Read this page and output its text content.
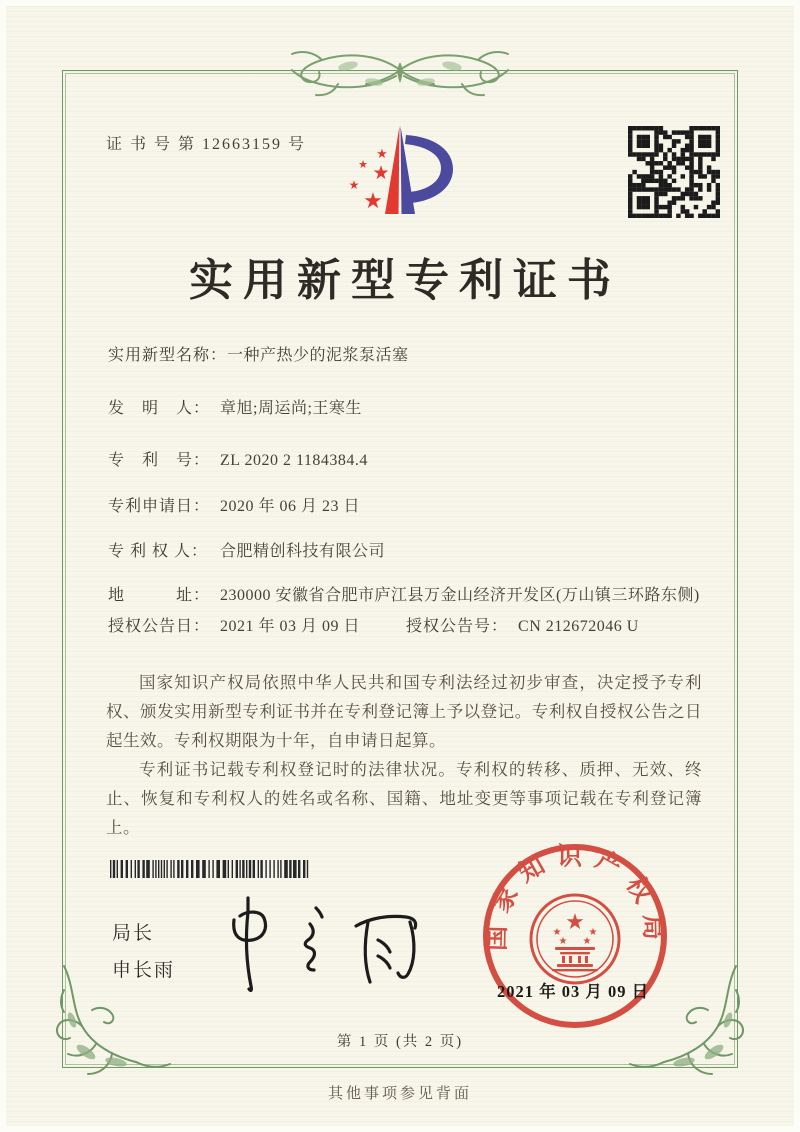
证 书 号 第 12663159 号
★
★ ★
★
★
实用新型专利证书
实用新型名称： 一种产热少的泥浆泵活塞
发　明　人： 章旭;周运尚;王寒生
专　利　号： ZL 2020 2 1184384.4
专利申请日： 2020 年 06 月 23 日
专 利 权 人： 合肥精创科技有限公司
地　　　址： 230000 安徽省合肥市庐江县万金山经济开发区(万山镇三环路东侧)
授权公告日： 2021 年 03 月 09 日	授权公告号： CN 212672046 U

国家知识产权局依照中华人民共和国专利法经过初步审查，决定授予专利权、颁发实用新型专利证书并在专利登记簿上予以登记。专利权自授权公告之日起生效。专利权期限为十年，自申请日起算。

专利证书记载专利权登记时的法律状况。专利权的转移、质押、无效、终止、恢复和专利权人的姓名或名称、国籍、地址变更等事项记载在专利登记簿上。

局长
申长雨
国家知识产权局
★
★	★
★ ★
2021 年 03 月 09 日
第 1 页 (共 2 页)
其他事项参见背面
